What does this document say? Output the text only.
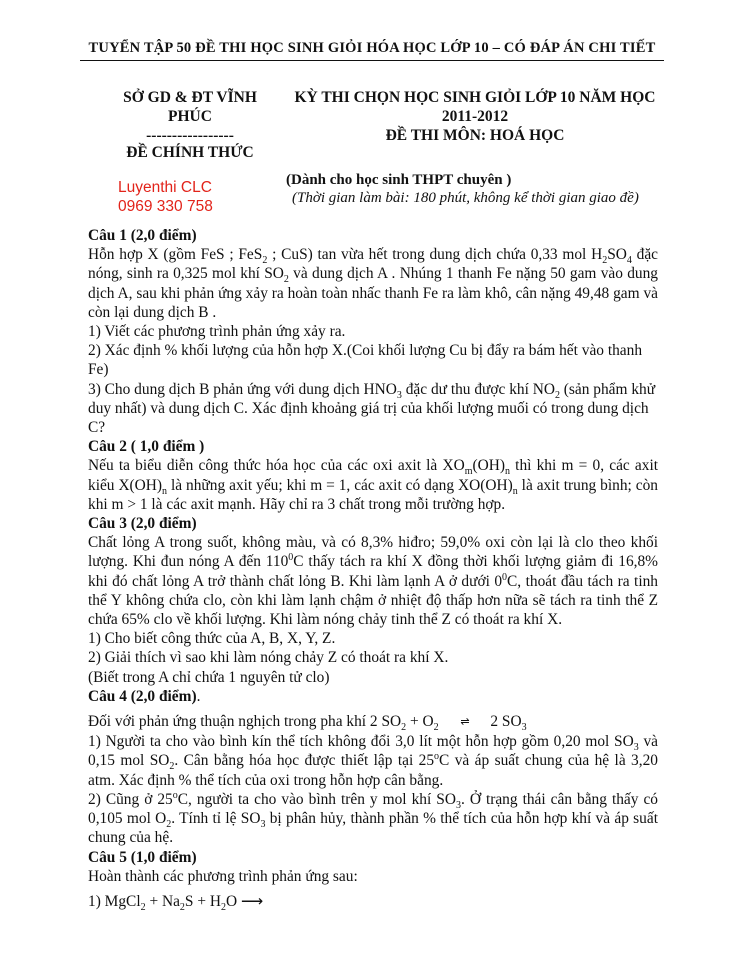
TUYỂN TẬP 50 ĐỀ THI HỌC SINH GIỎI HÓA HỌC LỚP 10 – CÓ ĐÁP ÁN CHI TIẾT
SỞ GD & ĐT VĨNH
PHÚC
-----------------
ĐỀ CHÍNH THỨC
KỲ THI CHỌN HỌC SINH GIỎI LỚP 10 NĂM HỌC
2011-2012
ĐỀ THI MÔN: HOÁ HỌC
Luyenthi CLC
0969 330 758
(Dành cho học sinh THPT chuyên )
(Thời gian làm bài: 180 phút, không kể thời gian giao đề)

Câu 1 (2,0 điểm)

Hỗn hợp X (gồm FeS ; FeS$_2$ ; CuS) tan vừa hết trong dung dịch chứa 0,33 mol $H_2SO_4$ đặc nóng, sinh ra 0,325 mol khí $SO_2$ và dung dịch A . Nhúng 1 thanh Fe nặng 50 gam vào dung dịch A, sau khi phản ứng xảy ra hoàn toàn nhấc thanh Fe ra làm khô, cân nặng 49,48 gam và còn lại dung dịch B .

1) Viết các phương trình phản ứng xảy ra.

2) Xác định % khối lượng của hỗn hợp X.(Coi khối lượng Cu bị đẩy ra bám hết vào thanh Fe)

3) Cho dung dịch B phản ứng với dung dịch $HNO_3$ đặc dư thu được khí $NO_2$ (sản phẩm khử duy nhất) và dung dịch C. Xác định khoảng giá trị của khối lượng muối có trong dung dịch C?

Câu 2 ( 1,0 điểm )

Nếu ta biểu diễn công thức hóa học của các oxi axit là $XO_m(OH)_n$ thì khi m = 0, các axit kiểu $X(OH)_n$ là những axit yếu; khi m = 1, các axit có dạng $XO(OH)_n$ là axit trung bình; còn khi m > 1 là các axit mạnh. Hãy chỉ ra 3 chất trong mỗi trường hợp.

Câu 3 (2,0 điểm)

Chất lỏng A trong suốt, không màu, và có 8,3% hiđro; 59,0% oxi còn lại là clo theo khối lượng. Khi đun nóng A đến $110^0C$ thấy tách ra khí X đồng thời khối lượng giảm đi 16,8% khi đó chất lỏng A trở thành chất lỏng B. Khi làm lạnh A ở dưới $0^0C$, thoát đầu tách ra tinh thể Y không chứa clo, còn khi làm lạnh chậm ở nhiệt độ thấp hơn nữa sẽ tách ra tinh thể Z chứa 65% clo về khối lượng. Khi làm nóng chảy tinh thể Z có thoát ra khí X.

1) Cho biết công thức của A, B, X, Y, Z.

2) Giải thích vì sao khi làm nóng chảy Z có thoát ra khí X.

(Biết trong A chỉ chứa 1 nguyên tử clo)

Câu 4 (2,0 điểm).

Đối với phản ứng thuận nghịch trong pha khí 2 $SO_2 + O_2$ ⇌ 2 $SO_3$

1) Người ta cho vào bình kín thể tích không đổi 3,0 lít một hỗn hợp gồm 0,20 mol $SO_3$ và 0,15 mol $SO_2$. Cân bằng hóa học được thiết lập tại 25$^o$C và áp suất chung của hệ là 3,20 atm. Xác định % thể tích của oxi trong hỗn hợp cân bằng.

2) Cũng ở 25$^o$C, người ta cho vào bình trên y mol khí $SO_3$. Ở trạng thái cân bằng thấy có 0,105 mol $O_2$. Tính tỉ lệ $SO_3$ bị phân hủy, thành phần % thể tích của hỗn hợp khí và áp suất chung của hệ.

Câu 5 (1,0 điểm)

Hoàn thành các phương trình phản ứng sau:

1) MgCl$_2$ + $Na_2S + H_2O$ ⟶
